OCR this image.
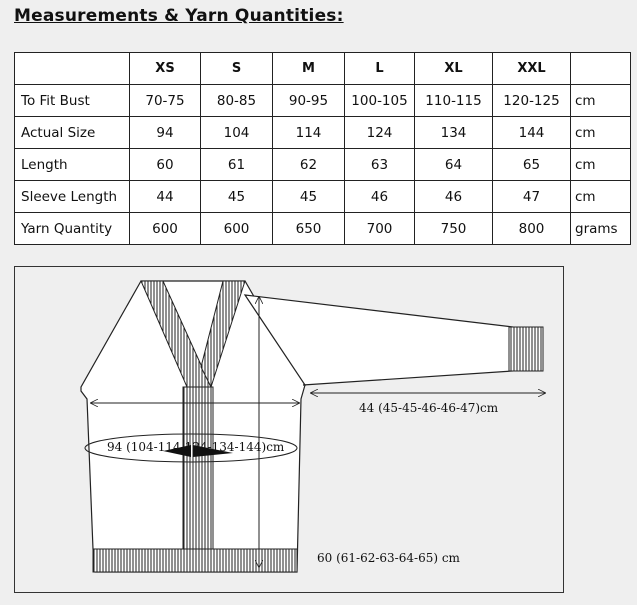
Measurements & Yarn Quantities:
	XS	S	M	L	XL	XXL	
To Fit Bust	70-75	80-85	90-95	100-105	110-115	120-125	cm
Actual Size	94	104	114	124	134	144	cm
Length	60	61	62	63	64	65	cm
Sleeve Length	44	45	45	46	46	47	cm
Yarn Quantity	600	600	650	700	750	800	grams
94 (104-114-124-134-144)cm
44 (45-45-46-46-47)cm
60 (61-62-63-64-65) cm
